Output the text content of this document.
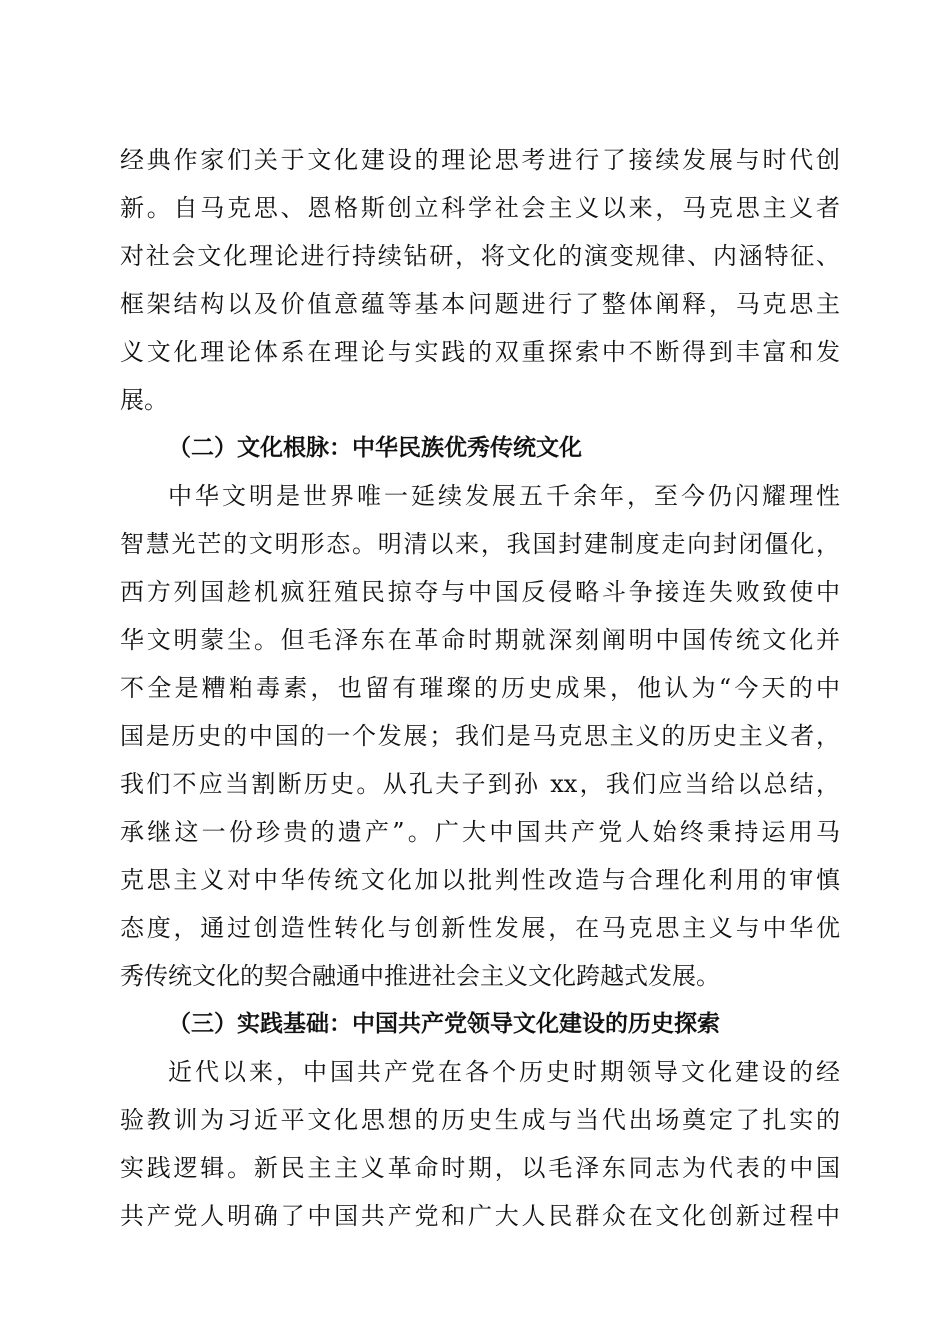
经典作家们关于文化建设的理论思考进行了接续发展与时代创
新。自马克思、恩格斯创立科学社会主义以来，马克思主义者
对社会文化理论进行持续钻研，将文化的演变规律、内涵特征、
框架结构以及价值意蕴等基本问题进行了整体阐释，马克思主
义文化理论体系在理论与实践的双重探索中不断得到丰富和发
展。
（二）文化根脉：中华民族优秀传统文化
中华文明是世界唯一延续发展五千余年，至今仍闪耀理性
智慧光芒的文明形态。明清以来，我国封建制度走向封闭僵化，
西方列国趁机疯狂殖民掠夺与中国反侵略斗争接连失败致使中
华文明蒙尘。但毛泽东在革命时期就深刻阐明中国传统文化并
不全是糟粕毒素，也留有璀璨的历史成果，他认为“今天的中
国是历史的中国的一个发展；我们是马克思主义的历史主义者，
我们不应当割断历史。从孔夫子到孙 xx，我们应当给以总结，
承继这一份珍贵的遗产”。广大中国共产党人始终秉持运用马
克思主义对中华传统文化加以批判性改造与合理化利用的审慎
态度，通过创造性转化与创新性发展，在马克思主义与中华优
秀传统文化的契合融通中推进社会主义文化跨越式发展。
（三）实践基础：中国共产党领导文化建设的历史探索
近代以来，中国共产党在各个历史时期领导文化建设的经
验教训为习近平文化思想的历史生成与当代出场奠定了扎实的
实践逻辑。新民主主义革命时期，以毛泽东同志为代表的中国
共产党人明确了中国共产党和广大人民群众在文化创新过程中
